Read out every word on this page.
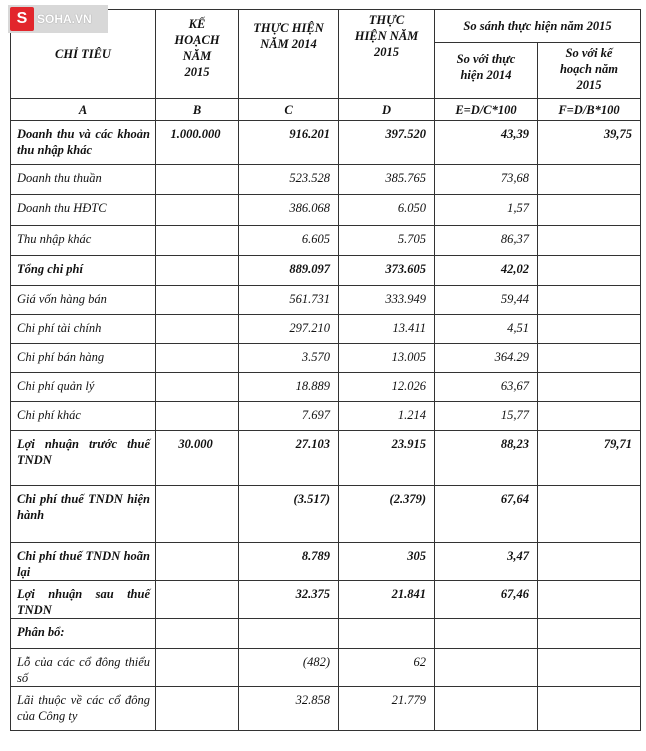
CHỈ TIÊU	KẾ HOẠCH NĂM 2015	THỰC HIỆN NĂM 2014	THỰC HIỆN NĂM 2015	So sánh thực hiện năm 2015	
				So với thực hiện 2014	So với kế hoạch năm 2015
A	B	C	D	E=D/C*100	F=D/B*100
Doanh thu và các khoản thu nhập khác	1.000.000	916.201	397.520	43,39	39,75
Doanh thu thuần		523.528	385.765	73,68	
Doanh thu HĐTC		386.068	6.050	1,57	
Thu nhập khác		6.605	5.705	86,37	
Tổng chi phí		889.097	373.605	42,02	
Giá vốn hàng bán		561.731	333.949	59,44	
Chi phí tài chính		297.210	13.411	4,51	
Chi phí bán hàng		3.570	13.005	364.29	
Chi phí quản lý		18.889	12.026	63,67	
Chi phí khác		7.697	1.214	15,77	
Lợi nhuận trước thuế TNDN	30.000	27.103	23.915	88,23	79,71
Chi phí thuế TNDN hiện hành		(3.517)	(2.379)	67,64	
Chi phí thuế TNDN hoãn lại		8.789	305	3,47	
Lợi nhuận sau thuế TNDN		32.375	21.841	67,46	
Phân bổ:					
Lỗ của các cổ đông thiểu số		(482)	62		
Lãi thuộc về các cổ đông của Công ty		32.858	21.779		
S SOHA.VN
